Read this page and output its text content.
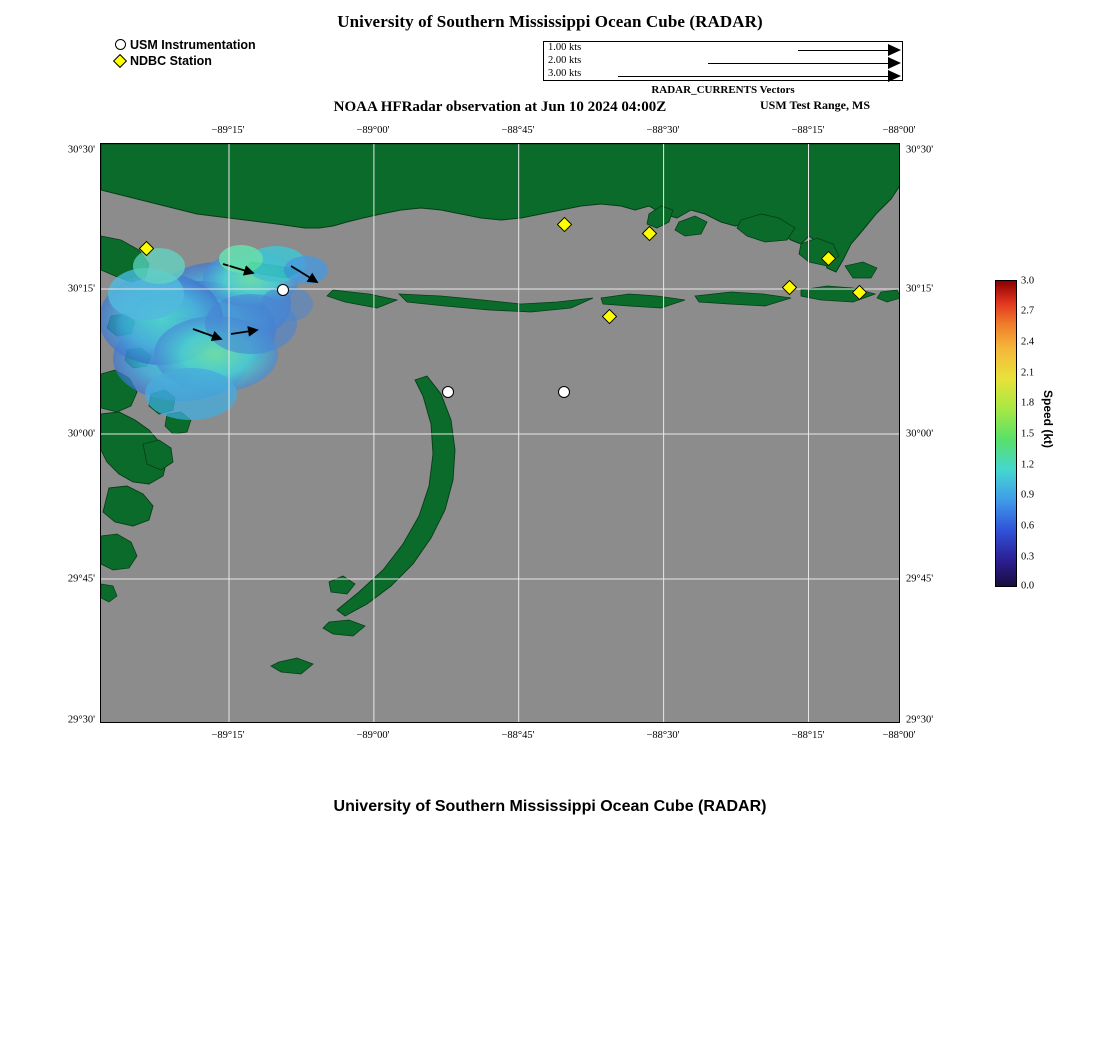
University of Southern Mississippi Ocean Cube (RADAR)
USM Instrumentation
NDBC Station
1.00 kts
2.00 kts
3.00 kts
RADAR_CURRENTS Vectors
NOAA HFRadar observation at Jun 10 2024 04:00Z	USM Test Range, MS
−89°15'	−89°00'	−88°45'	−88°30'	−88°15'	−88°00'
−89°15'	−89°00'	−88°45'	−88°30'	−88°15'	−88°00'
30°30'
30°15'
30°00'
29°45'
29°30'
30°30'
30°15'
30°00'
29°45'
29°30'
3.0
2.7
2.4
2.1
1.8
1.5
1.2
0.9
0.6
0.3
0.0
Speed (kt)
University of Southern Mississippi Ocean Cube (RADAR)
